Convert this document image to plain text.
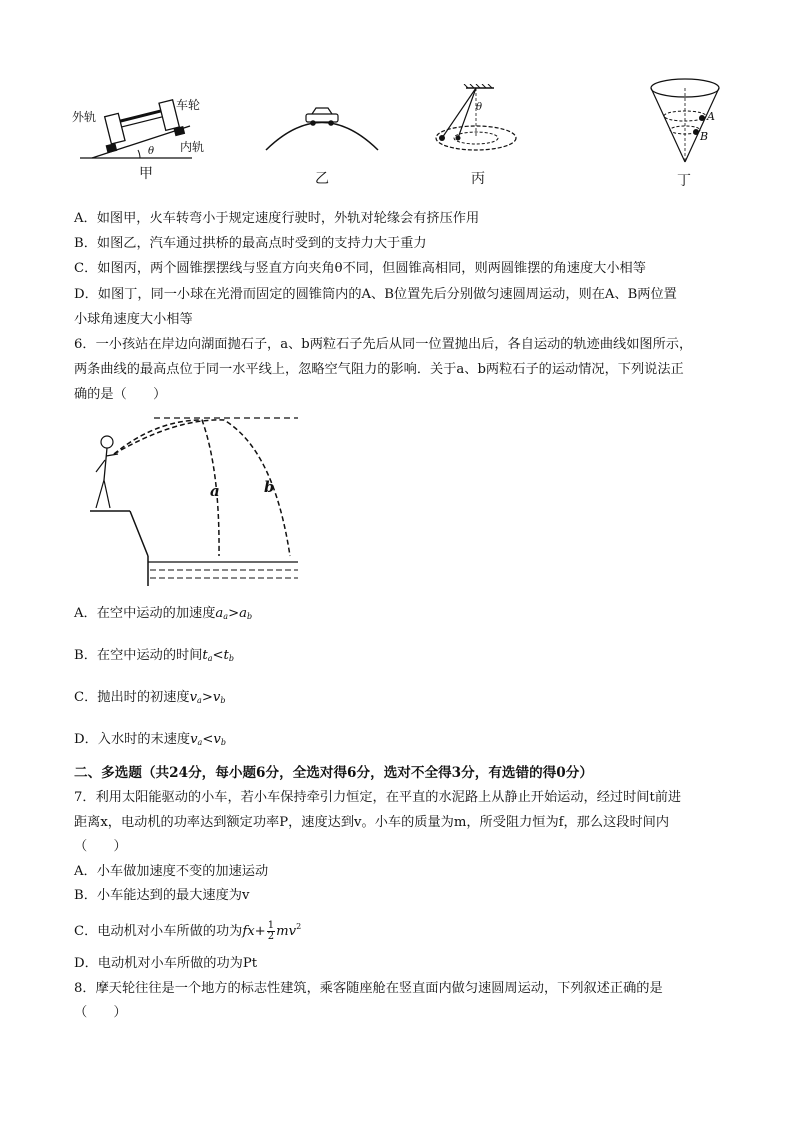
外轨
车轮
内轨
θ
甲	乙
θ
丙
A
B
丁
A．如图甲，火车转弯小于规定速度行驶时，外轨对轮缘会有挤压作用
B．如图乙，汽车通过拱桥的最高点时受到的支持力大于重力
C．如图丙，两个圆锥摆摆线与竖直方向夹角θ不同，但圆锥高相同，则两圆锥摆的角速度大小相等
D．如图丁，同一小球在光滑而固定的圆锥筒内的A、B位置先后分别做匀速圆周运动，则在A、B两位置
小球角速度大小相等
6．一小孩站在岸边向湖面抛石子，a、b两粒石子先后从同一位置抛出后，各自运动的轨迹曲线如图所示，
两条曲线的最高点位于同一水平线上，忽略空气阻力的影响．关于a、b两粒石子的运动情况，下列说法正
确的是（　　）
a	b
A．在空中运动的加速度$a_a>a_b$
B．在空中运动的时间$t_a<t_b$
C．抛出时的初速度$v_a>v_b$
D．入水时的末速度$v_a<v_b$
二、多选题（共24分，每小题6分，全选对得6分，选对不全得3分，有选错的得0分）
7．利用太阳能驱动的小车，若小车保持牵引力恒定，在平直的水泥路上从静止开始运动，经过时间t前进
距离x，电动机的功率达到额定功率P，速度达到v。小车的质量为m，所受阻力恒为f，那么这段时间内
（　　）
A．小车做加速度不变的加速运动
B．小车能达到的最大速度为v
C．电动机对小车所做的功为$fx+ \frac{1}{2} mv^2$
D．电动机对小车所做的功为Pt
8．摩天轮往往是一个地方的标志性建筑，乘客随座舱在竖直面内做匀速圆周运动，下列叙述正确的是
（　　）
